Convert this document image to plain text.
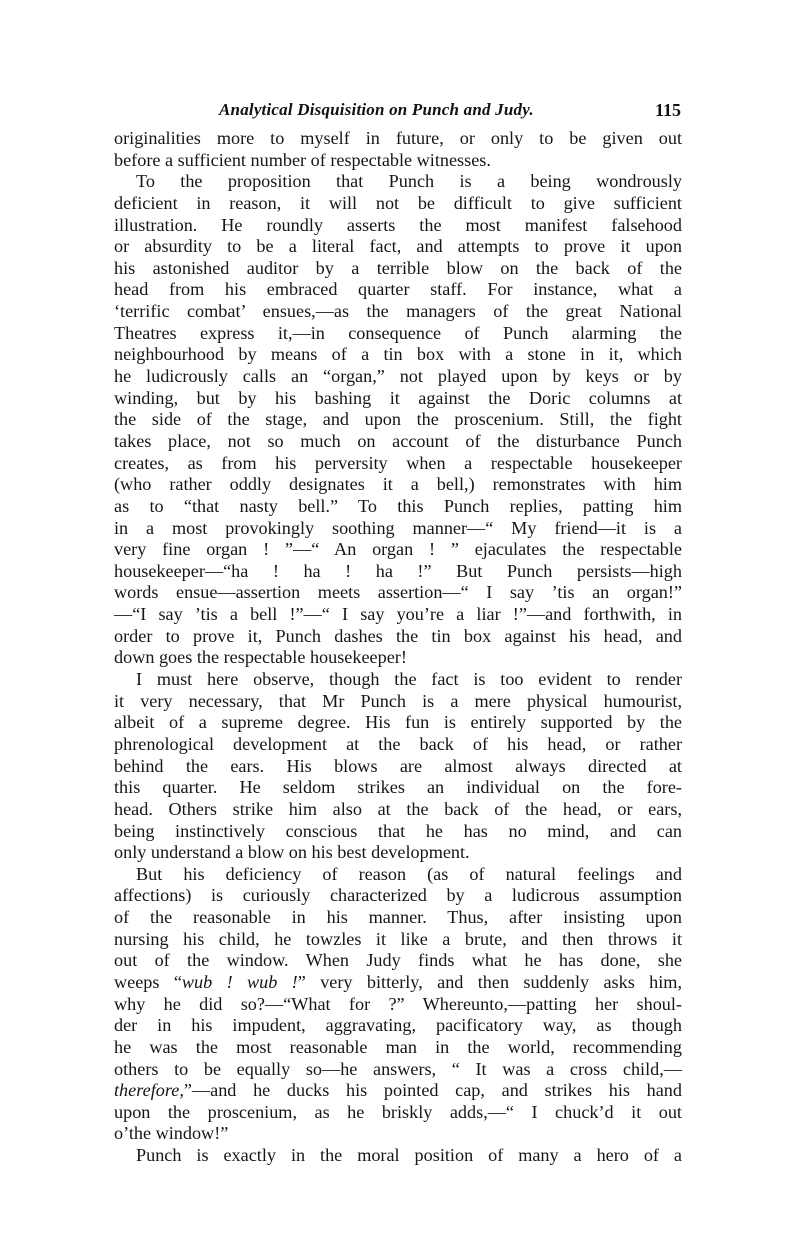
Analytical Disquisition on Punch and Judy.	115
originalities more to myself in future, or only to be given out
before a sufficient number of respectable witnesses.
To the proposition that Punch is a being wondrously
deficient in reason, it will not be difficult to give sufficient
illustration. He roundly asserts the most manifest falsehood
or absurdity to be a literal fact, and attempts to prove it upon
his astonished auditor by a terrible blow on the back of the
head from his embraced quarter staff. For instance, what a
‘terrific combat’ ensues,—as the managers of the great National
Theatres express it,—in consequence of Punch alarming the
neighbourhood by means of a tin box with a stone in it, which
he ludicrously calls an “organ,” not played upon by keys or by
winding, but by his bashing it against the Doric columns at
the side of the stage, and upon the proscenium. Still, the fight
takes place, not so much on account of the disturbance Punch
creates, as from his perversity when a respectable housekeeper
(who rather oddly designates it a bell,) remonstrates with him
as to “that nasty bell.” To this Punch replies, patting him
in a most provokingly soothing manner—“ My friend—it is a
very fine organ ! ”—“ An organ ! ” ejaculates the respectable
housekeeper—“ha ! ha ! ha !” But Punch persists—high
words ensue—assertion meets assertion—“ I say ’tis an organ!”
—“I say ’tis a bell !”—“ I say you’re a liar !”—and forthwith, in
order to prove it, Punch dashes the tin box against his head, and
down goes the respectable housekeeper!
I must here observe, though the fact is too evident to render
it very necessary, that Mr Punch is a mere physical humourist,
albeit of a supreme degree. His fun is entirely supported by the
phrenological development at the back of his head, or rather
behind the ears. His blows are almost always directed at
this quarter. He seldom strikes an individual on the fore-
head. Others strike him also at the back of the head, or ears,
being instinctively conscious that he has no mind, and can
only understand a blow on his best development.
But his deficiency of reason (as of natural feelings and
affections) is curiously characterized by a ludicrous assumption
of the reasonable in his manner. Thus, after insisting upon
nursing his child, he towzles it like a brute, and then throws it
out of the window. When Judy finds what he has done, she
weeps “wub ! wub !” very bitterly, and then suddenly asks him,
why he did so?—“What for ?” Whereunto,—patting her shoul-
der in his impudent, aggravating, pacificatory way, as though
he was the most reasonable man in the world, recommending
others to be equally so—he answers, “ It was a cross child,—
therefore,”—and he ducks his pointed cap, and strikes his hand
upon the proscenium, as he briskly adds,—“ I chuck’d it out
o’the window!”
Punch is exactly in the moral position of many a hero of a
